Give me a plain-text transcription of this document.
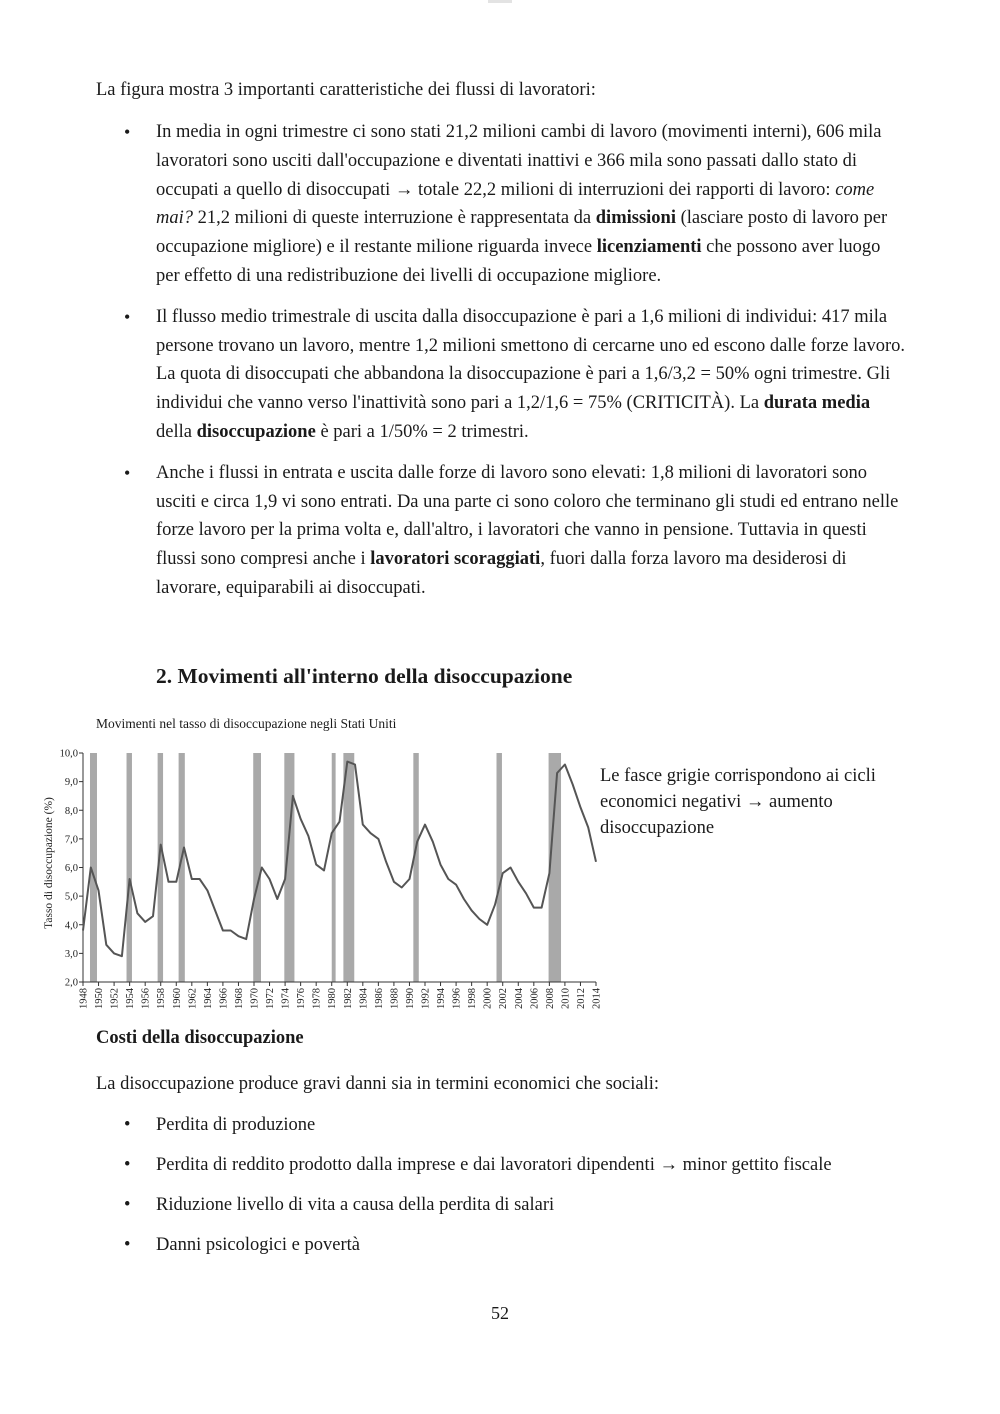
La figura mostra 3 importanti caratteristiche dei flussi di lavoratori:

• In media in ogni trimestre ci sono stati 21,2 milioni cambi di lavoro (movimenti interni), 606 mila lavoratori sono usciti dall'occupazione e diventati inattivi e 366 mila sono passati dallo stato di occupati a quello di disoccupati → totale 22,2 milioni di interruzioni dei rapporti di lavoro: come mai? 21,2 milioni di queste interruzione è rappresentata da dimissioni (lasciare posto di lavoro per occupazione migliore) e il restante milione riguarda invece licenziamenti che possono aver luogo per effetto di una redistribuzione dei livelli di occupazione migliore.
• Il flusso medio trimestrale di uscita dalla disoccupazione è pari a 1,6 milioni di individui: 417 mila persone trovano un lavoro, mentre 1,2 milioni smettono di cercarne uno ed escono dalle forze lavoro. La quota di disoccupati che abbandona la disoccupazione è pari a 1,6/3,2 = 50% ogni trimestre. Gli individui che vanno verso l'inattività sono pari a 1,2/1,6 = 75% (CRITICITÀ). La durata media della disoccupazione è pari a 1/50% = 2 trimestri.
• Anche i flussi in entrata e uscita dalle forze di lavoro sono elevati: 1,8 milioni di lavoratori sono usciti e circa 1,9 vi sono entrati. Da una parte ci sono coloro che terminano gli studi ed entrano nelle forze lavoro per la prima volta e, dall'altro, i lavoratori che vanno in pensione. Tuttavia in questi flussi sono compresi anche i lavoratori scoraggiati, fuori dalla forza lavoro ma desiderosi di lavorare, equiparabili ai disoccupati.
2. Movimenti all'interno della disoccupazione

Movimenti nel tasso di disoccupazione negli Stati Uniti

2,0
3,0
4,0
5,0
6,0
7,0
8,0
9,0
10,0
1948 1950 1952 1954 1956 1958 1960 1962 1964 1966 1968 1970 1972 1974 1976 1978 1980 1982 1984 1986 1988 1990 1992 1994 1996 1998 2000 2002 2004 2006 2008 2010 2012 2014
Tasso di disoccupazione (%)

Le fasce grigie corrispondono ai cicli economici negativi → aumento disoccupazione

Costi della disoccupazione

La disoccupazione produce gravi danni sia in termini economici che sociali:

• Perdita di produzione
• Perdita di reddito prodotto dalla imprese e dai lavoratori dipendenti → minor gettito fiscale
• Riduzione livello di vita a causa della perdita di salari
• Danni psicologici e povertà

52
